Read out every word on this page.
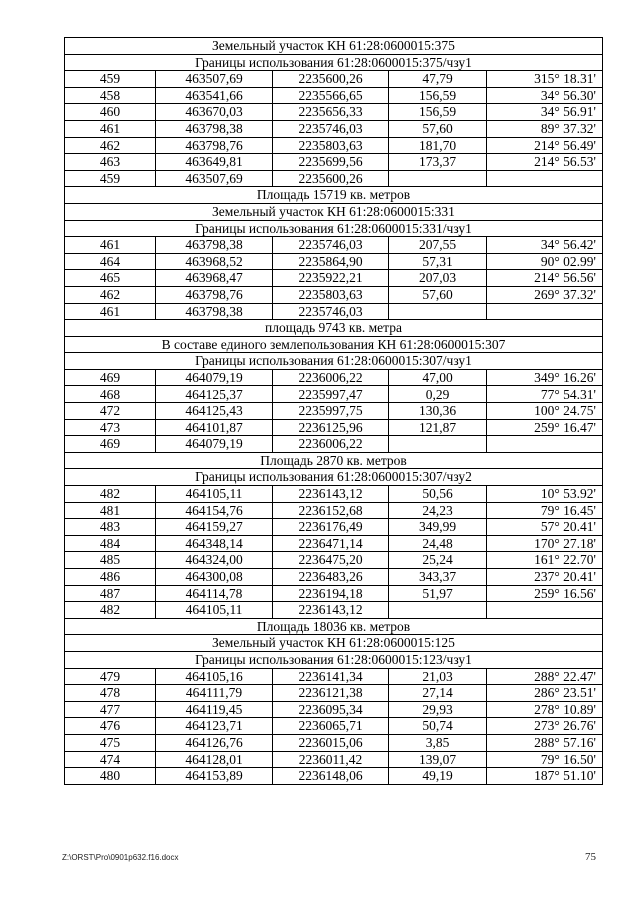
Земельный участок КН 61:28:0600015:375				
Границы использования 61:28:0600015:375/чзу1				
459	463507,69	2235600,26	47,79	315° 18.31'
458	463541,66	2235566,65	156,59	34° 56.30'
460	463670,03	2235656,33	156,59	34° 56.91'
461	463798,38	2235746,03	57,60	89° 37.32'
462	463798,76	2235803,63	181,70	214° 56.49'
463	463649,81	2235699,56	173,37	214° 56.53'
459	463507,69	2235600,26		
Площадь 15719 кв. метров				
Земельный участок КН 61:28:0600015:331				
Границы использования 61:28:0600015:331/чзу1				
461	463798,38	2235746,03	207,55	34° 56.42'
464	463968,52	2235864,90	57,31	90° 02.99'
465	463968,47	2235922,21	207,03	214° 56.56'
462	463798,76	2235803,63	57,60	269° 37.32'
461	463798,38	2235746,03		
площадь 9743 кв. метра				
В составе единого землепользования КН 61:28:0600015:307				
Границы использования 61:28:0600015:307/чзу1				
469	464079,19	2236006,22	47,00	349° 16.26'
468	464125,37	2235997,47	0,29	77° 54.31'
472	464125,43	2235997,75	130,36	100° 24.75'
473	464101,87	2236125,96	121,87	259° 16.47'
469	464079,19	2236006,22		
Площадь 2870 кв. метров				
Границы использования 61:28:0600015:307/чзу2				
482	464105,11	2236143,12	50,56	10° 53.92'
481	464154,76	2236152,68	24,23	79° 16.45'
483	464159,27	2236176,49	349,99	57° 20.41'
484	464348,14	2236471,14	24,48	170° 27.18'
485	464324,00	2236475,20	25,24	161° 22.70'
486	464300,08	2236483,26	343,37	237° 20.41'
487	464114,78	2236194,18	51,97	259° 16.56'
482	464105,11	2236143,12		
Площадь 18036 кв. метров				
Земельный участок КН 61:28:0600015:125				
Границы использования 61:28:0600015:123/чзу1				
479	464105,16	2236141,34	21,03	288° 22.47'
478	464111,79	2236121,38	27,14	286° 23.51'
477	464119,45	2236095,34	29,93	278° 10.89'
476	464123,71	2236065,71	50,74	273° 26.76'
475	464126,76	2236015,06	3,85	288° 57.16'
474	464128,01	2236011,42	139,07	79° 16.50'
480	464153,89	2236148,06	49,19	187° 51.10'
Z:\ORST\Pro\0901p632.f16.docx	75
